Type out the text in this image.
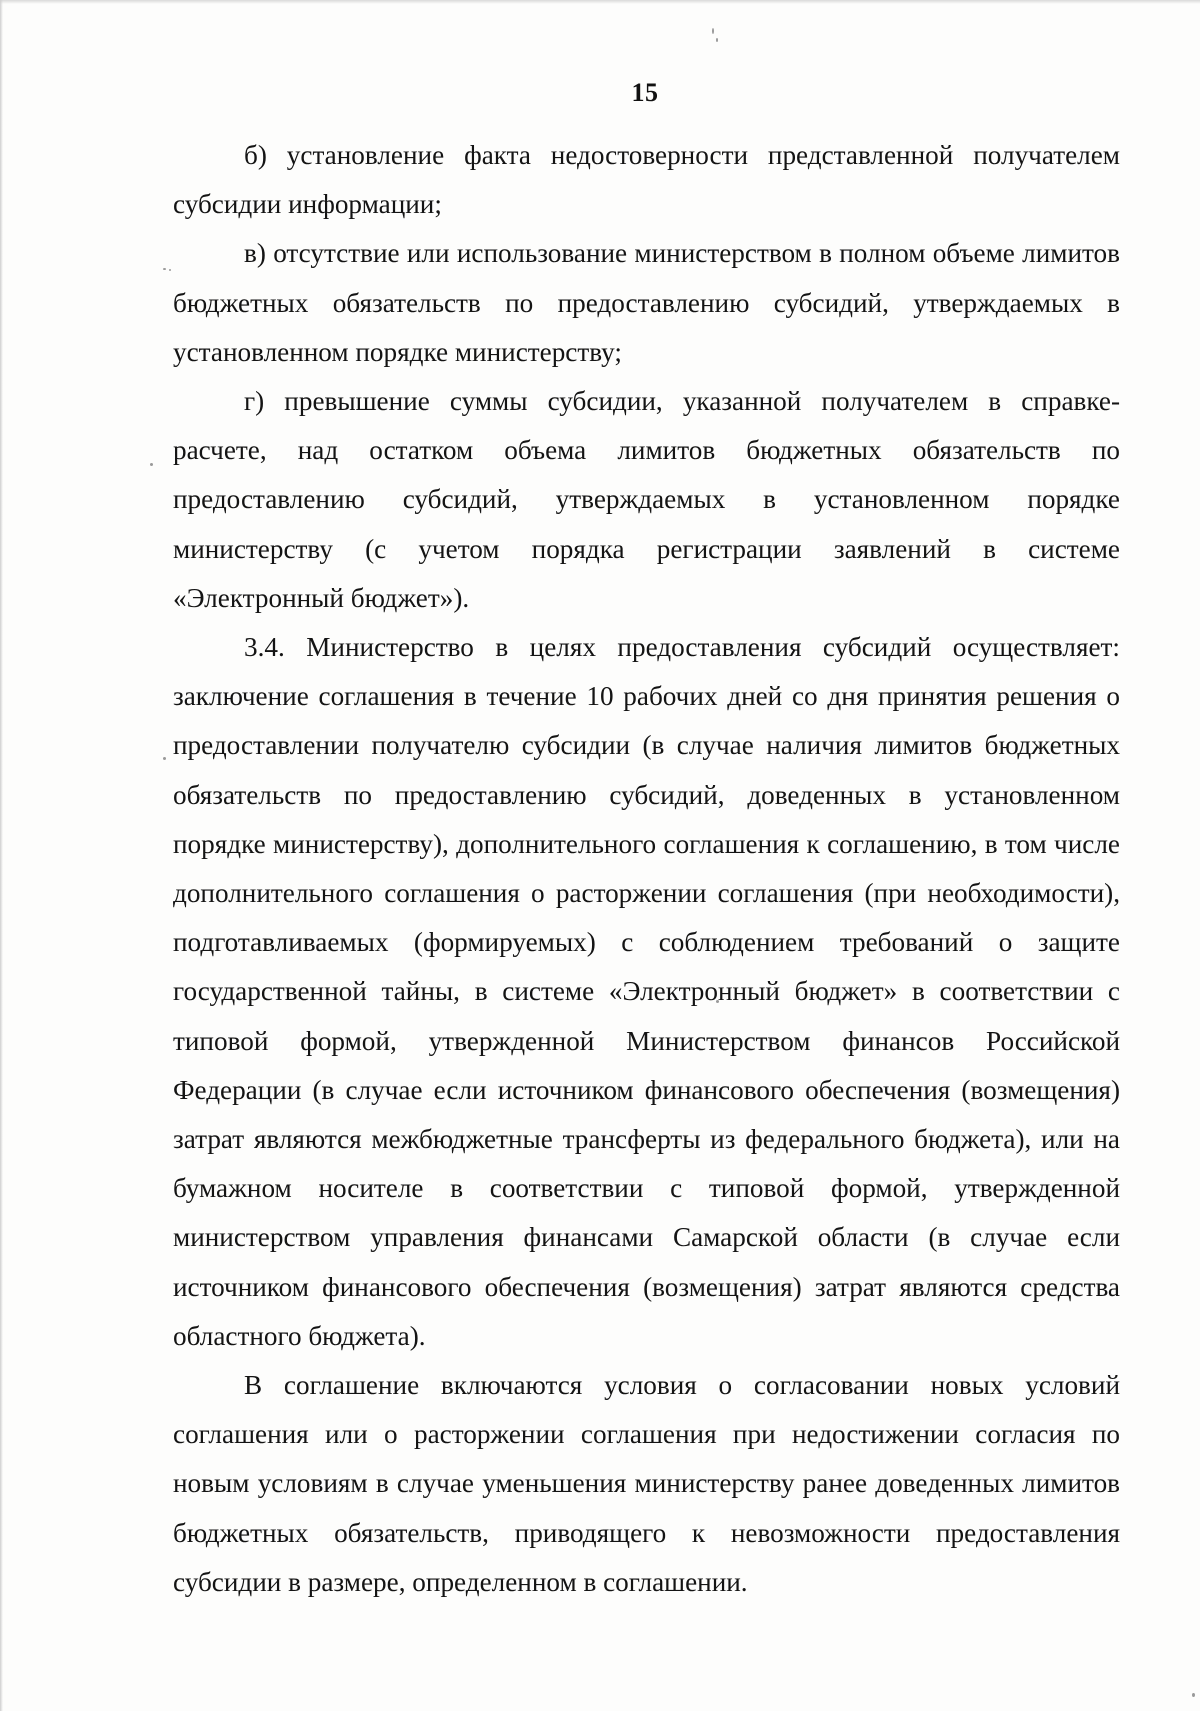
15

б) установление факта недостоверности представленной получателем субсидии информации;

в) отсутствие или использование министерством в полном объеме лимитов бюджетных обязательств по предоставлению субсидий, утверждаемых в установленном порядке министерству;

г) превышение суммы субсидии, указанной получателем в справке-расчете, над остатком объема лимитов бюджетных обязательств по предоставлению субсидий, утверждаемых в установленном порядке министерству (с учетом порядка регистрации заявлений в системе «Электронный бюджет»).

3.4. Министерство в целях предоставления субсидий осуществляет: заключение соглашения в течение 10 рабочих дней со дня принятия решения о предоставлении получателю субсидии (в случае наличия лимитов бюджетных обязательств по предоставлению субсидий, доведенных в установленном порядке министерству), дополнительного соглашения к соглашению, в том числе дополнительного соглашения о расторжении соглашения (при необходимости), подготавливаемых (формируемых) с соблюдением требований о защите государственной тайны, в системе «Электронный бюджет» в соответствии с типовой формой, утвержденной Министерством финансов Российской Федерации (в случае если источником финансового обеспечения (возмещения) затрат являются межбюджетные трансферты из федерального бюджета), или на бумажном носителе в соответствии с типовой формой, утвержденной министерством управления финансами Самарской области (в случае если источником финансового обеспечения (возмещения) затрат являются средства областного бюджета).

В соглашение включаются условия о согласовании новых условий соглашения или о расторжении соглашения при недостижении согласия по новым условиям в случае уменьшения министерству ранее доведенных лимитов бюджетных обязательств, приводящего к невозможности предоставления субсидии в размере, определенном в соглашении.
